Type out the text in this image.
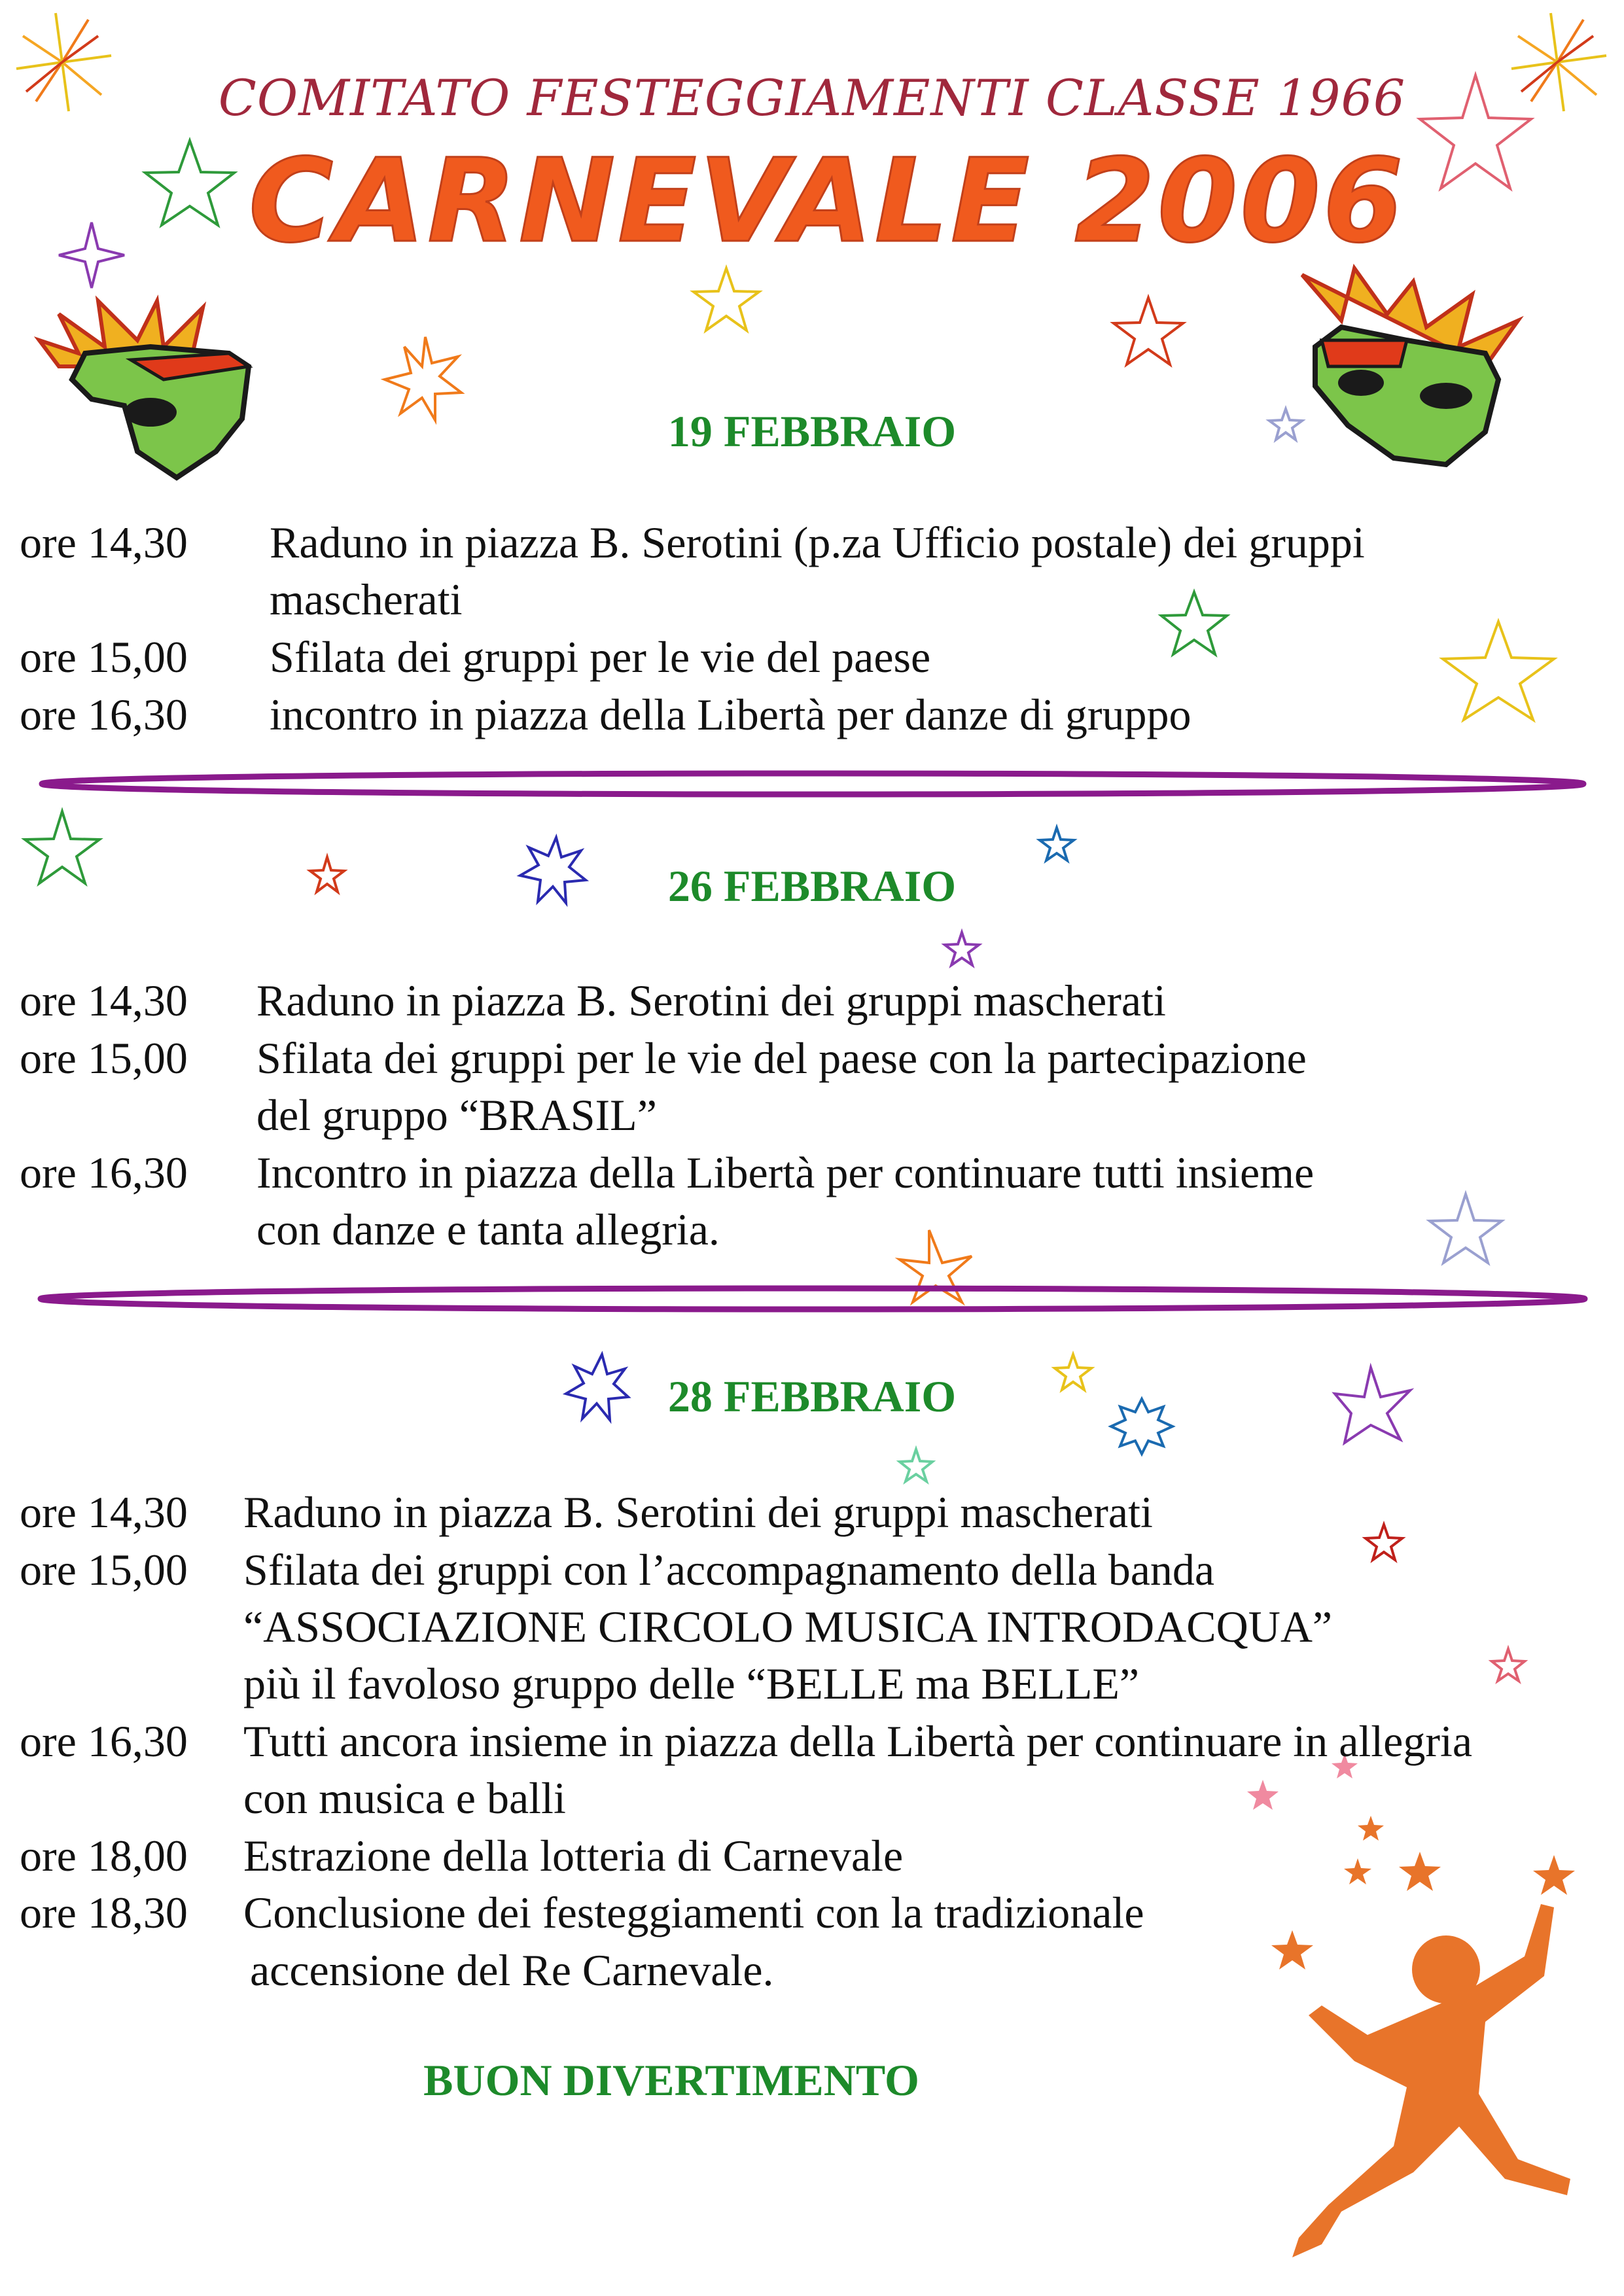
COMITATO FESTEGGIAMENTI CLASSE 1966
CARNEVALE 2006
19 FEBBRAIO
ore 14,30 Raduno in piazza B. Serotini (p.za Ufficio postale) dei gruppi
mascherati
ore 15,00 Sfilata dei gruppi per le vie del paese
ore 16,30 incontro in piazza della Libertà per danze di gruppo
26 FEBBRAIO
ore 14,30 Raduno in piazza B. Serotini dei gruppi mascherati
ore 15,00 Sfilata dei gruppi per le vie del paese con la partecipazione
del gruppo “BRASIL”
ore 16,30 Incontro in piazza della Libertà per continuare tutti insieme
con danze e tanta allegria.
28 FEBBRAIO
ore 14,30 Raduno in piazza B. Serotini dei gruppi mascherati
ore 15,00 Sfilata dei gruppi con l’accompagnamento della banda
“ASSOCIAZIONE CIRCOLO MUSICA INTRODACQUA”
più il favoloso gruppo delle “BELLE ma BELLE”
ore 16,30 Tutti ancora insieme in piazza della Libertà per continuare in allegria
con musica e balli
ore 18,00 Estrazione della lotteria di Carnevale
ore 18,30 Conclusione dei festeggiamenti con la tradizionale
accensione del Re Carnevale.
BUON DIVERTIMENTO
